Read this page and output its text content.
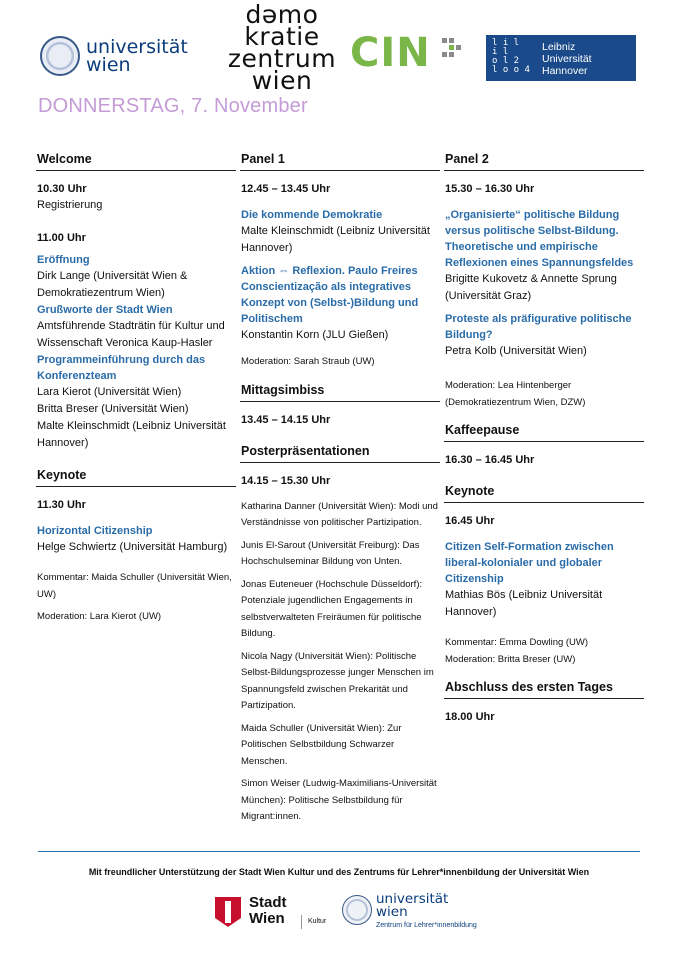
universität
wien
dəmo
kratie
zentrum
wien
CIN	l i l
i l
o l 2
l o o 4
Leibniz
Universität
Hannover
DONNERSTAG, 7. November
Welcome
10.30 Uhr
Registrierung
11.00 Uhr
Eröffnung
Dirk Lange (Universität Wien & Demokratiezentrum Wien)
Grußworte der Stadt Wien
Amtsführende Stadträtin für Kultur und Wissenschaft Veronica Kaup-Hasler
Programmeinführung durch das Konferenzteam
Lara Kierot (Universität Wien)
Britta Breser (Universität Wien)
Malte Kleinschmidt (Leibniz Universität Hannover)
Keynote
11.30 Uhr
Horizontal Citizenship
Helge Schwiertz (Universität Hamburg)
Kommentar: Maida Schuller (Universität Wien, UW)
Moderation: Lara Kierot (UW)
Panel 1
12.45 – 13.45 Uhr
Die kommende Demokratie
Malte Kleinschmidt (Leibniz Universität Hannover)
Aktion ⇔ Reflexion. Paulo Freires Conscientização als integratives Konzept von (Selbst-)Bildung und Politischem
Konstantin Korn (JLU Gießen)
Moderation: Sarah Straub (UW)
Mittagsimbiss
13.45 – 14.15 Uhr
Posterpräsentationen
14.15 – 15.30 Uhr
Katharina Danner (Universität Wien): Modi und Verständnisse von politischer Partizipation.
Junis El-Sarout (Universität Freiburg): Das Hochschulseminar Bildung von Unten.
Jonas Euteneuer (Hochschule Düsseldorf): Potenziale jugendlichen Engagements in selbstverwalteten Freiräumen für politische Bildung.
Nicola Nagy (Universität Wien): Politische Selbst-Bildungsprozesse junger Menschen im Spannungsfeld zwischen Prekarität und Partizipation.
Maida Schuller (Universität Wien): Zur Politischen Selbstbildung Schwarzer Menschen.
Simon Weiser (Ludwig-Maximilians-Universität München): Politische Selbstbildung für Migrant:innen.
Panel 2
15.30 – 16.30 Uhr
„Organisierte“ politische Bildung versus politische Selbst-Bildung. Theoretische und empirische Reflexionen eines Spannungsfeldes
Brigitte Kukovetz & Annette Sprung (Universität Graz)
Proteste als präfigurative politische Bildung?
Petra Kolb (Universität Wien)
Moderation: Lea Hintenberger (Demokratiezentrum Wien, DZW)
Kaffeepause
16.30 – 16.45 Uhr
Keynote
16.45 Uhr
Citizen Self-Formation zwischen liberal-kolonialer und globaler Citizenship
Mathias Bös (Leibniz Universität Hannover)
Kommentar: Emma Dowling (UW)
Moderation: Britta Breser (UW)
Abschluss des ersten Tages
18.00 Uhr
Mit freundlicher Unterstützung der Stadt Wien Kultur und des Zentrums für Lehrer*innenbildung der Universität Wien
Stadt
Wien	Kultur
universität
wien
Zentrum für Lehrer*innenbildung
